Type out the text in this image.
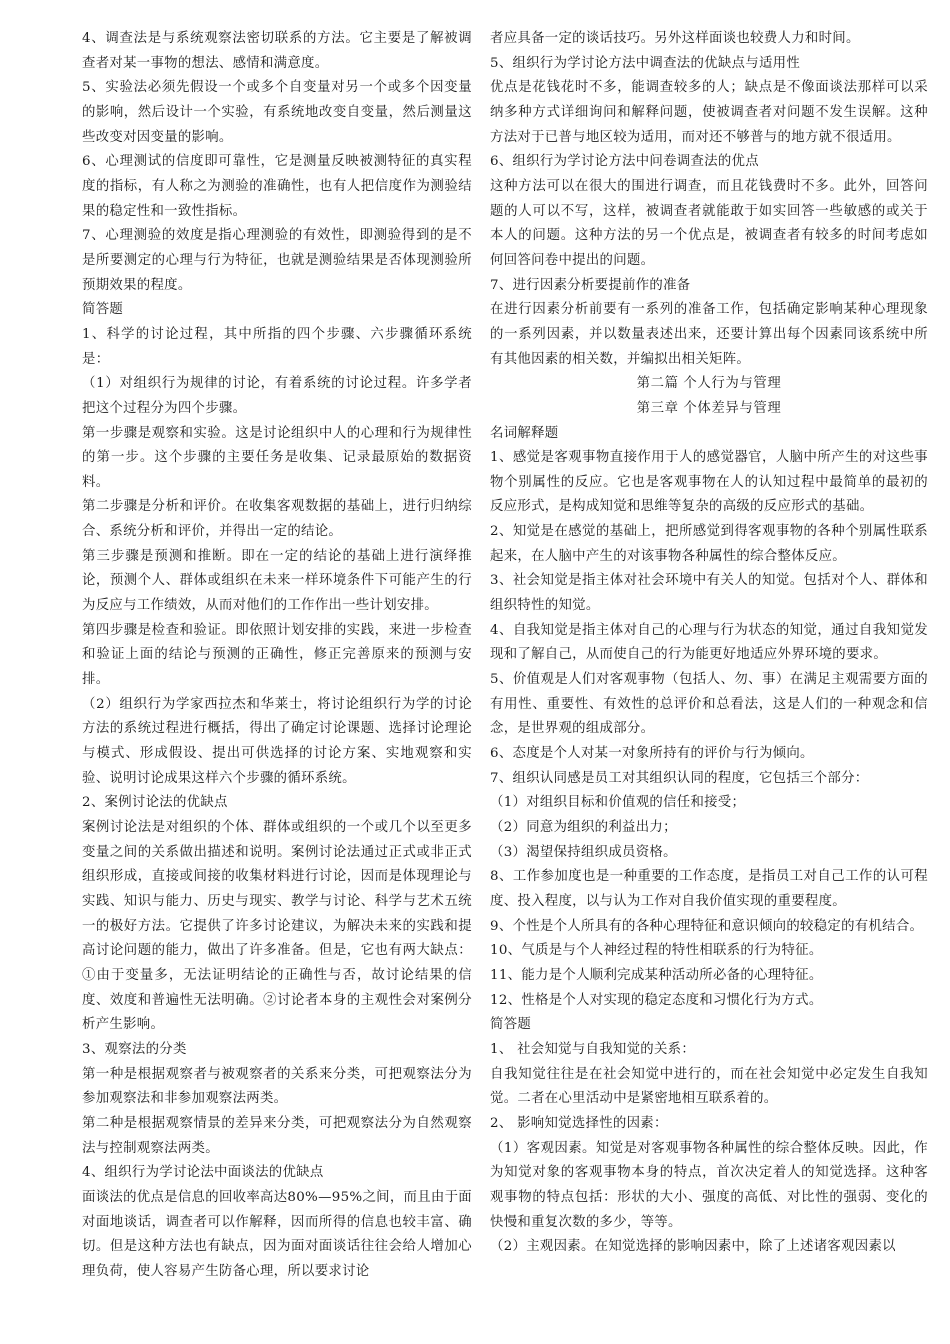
4、调查法是与系统观察法密切联系的方法。它主要是了解被调查者对某一事物的想法、感情和满意度。

5、实验法必须先假设一个或多个自变量对另一个或多个因变量的影响，然后设计一个实验，有系统地改变自变量，然后测量这些改变对因变量的影响。

6、心理测试的信度即可靠性，它是测量反映被测特征的真实程度的指标，有人称之为测验的准确性，也有人把信度作为测验结果的稳定性和一致性指标。

7、心理测验的效度是指心理测验的有效性，即测验得到的是不是所要测定的心理与行为特征，也就是测验结果是否体现测验所预期效果的程度。

简答题

1、科学的讨论过程，其中所指的四个步骤、六步骤循环系统是：

（1）对组织行为规律的讨论，有着系统的讨论过程。许多学者把这个过程分为四个步骤。

第一步骤是观察和实验。这是讨论组织中人的心理和行为规律性的第一步。这个步骤的主要任务是收集、记录最原始的数据资料。

第二步骤是分析和评价。在收集客观数据的基础上，进行归纳综合、系统分析和评价，并得出一定的结论。

第三步骤是预测和推断。即在一定的结论的基础上进行演绎推论，预测个人、群体或组织在未来一样环境条件下可能产生的行为反应与工作绩效，从而对他们的工作作出一些计划安排。

第四步骤是检查和验证。即依照计划安排的实践，来进一步检查和验证上面的结论与预测的正确性，修正完善原来的预测与安排。

（2）组织行为学家西拉杰和华莱士，将讨论组织行为学的讨论方法的系统过程进行概括，得出了确定讨论课题、选择讨论理论与模式、形成假设、提出可供选择的讨论方案、实地观察和实验、说明讨论成果这样六个步骤的循环系统。

2、案例讨论法的优缺点

案例讨论法是对组织的个体、群体或组织的一个或几个以至更多变量之间的关系做出描述和说明。案例讨论法通过正式或非正式组织形成，直接或间接的收集材料进行讨论，因而是体现理论与实践、知识与能力、历史与现实、教学与讨论、科学与艺术五统一的极好方法。它提供了许多讨论建议，为解决未来的实践和提高讨论问题的能力，做出了许多准备。但是，它也有两大缺点：①由于变量多，无法证明结论的正确性与否，故讨论结果的信度、效度和普遍性无法明确。②讨论者本身的主观性会对案例分析产生影响。

3、观察法的分类

第一种是根据观察者与被观察者的关系来分类，可把观察法分为参加观察法和非参加观察法两类。

第二种是根据观察情景的差异来分类，可把观察法分为自然观察法与控制观察法两类。

4、组织行为学讨论法中面谈法的优缺点

面谈法的优点是信息的回收率高达80%—95%之间，而且由于面对面地谈话，调查者可以作解释，因而所得的信息也较丰富、确切。但是这种方法也有缺点，因为面对面谈话往往会给人增加心理负荷，使人容易产生防备心理，所以要求讨论

者应具备一定的谈话技巧。另外这样面谈也较费人力和时间。

5、组织行为学讨论方法中调查法的优缺点与适用性

优点是花钱花时不多，能调查较多的人；缺点是不像面谈法那样可以采纳多种方式详细询问和解释问题，使被调查者对问题不发生误解。这种方法对于已普与地区较为适用，而对还不够普与的地方就不很适用。

6、组织行为学讨论方法中问卷调查法的优点

这种方法可以在很大的围进行调查，而且花钱费时不多。此外，回答问题的人可以不写，这样，被调查者就能敢于如实回答一些敏感的或关于本人的问题。这种方法的另一个优点是，被调查者有较多的时间考虑如何回答问卷中提出的问题。

7、进行因素分析要提前作的准备

在进行因素分析前要有一系列的准备工作，包括确定影响某种心理现象的一系列因素，并以数量表述出来，还要计算出每个因素同该系统中所有其他因素的相关数，并编拟出相关矩阵。

第二篇 个人行为与管理

第三章 个体差异与管理

名词解释题

1、感觉是客观事物直接作用于人的感觉器官，人脑中所产生的对这些事物个别属性的反应。它也是客观事物在人的认知过程中最简单的最初的反应形式，是构成知觉和思维等复杂的高级的反应形式的基础。

2、知觉是在感觉的基础上，把所感觉到得客观事物的各种个别属性联系起来，在人脑中产生的对该事物各种属性的综合整体反应。

3、社会知觉是指主体对社会环境中有关人的知觉。包括对个人、群体和组织特性的知觉。

4、自我知觉是指主体对自己的心理与行为状态的知觉，通过自我知觉发现和了解自己，从而使自己的行为能更好地适应外界环境的要求。

5、价值观是人们对客观事物（包括人、勿、事）在满足主观需要方面的有用性、重要性、有效性的总评价和总看法，这是人们的一种观念和信念，是世界观的组成部分。

6、态度是个人对某一对象所持有的评价与行为倾向。

7、组织认同感是员工对其组织认同的程度，它包括三个部分：

（1）对组织目标和价值观的信任和接受；

（2）同意为组织的利益出力；

（3）渴望保持组织成员资格。

8、工作参加度也是一种重要的工作态度，是指员工对自己工作的认可程度、投入程度，以与认为工作对自我价值实现的重要程度。

9、个性是个人所具有的各种心理特征和意识倾向的较稳定的有机结合。

10、气质是与个人神经过程的特性相联系的行为特征。

11、能力是个人顺利完成某种活动所必备的心理特征。

12、性格是个人对实现的稳定态度和习惯化行为方式。

简答题

1、 社会知觉与自我知觉的关系：

自我知觉往往是在社会知觉中进行的，而在社会知觉中必定发生自我知觉。二者在心里活动中是紧密地相互联系着的。

2、 影响知觉选择性的因素：

（1）客观因素。知觉是对客观事物各种属性的综合整体反映。因此，作为知觉对象的客观事物本身的特点，首次决定着人的知觉选择。这种客观事物的特点包括：形状的大小、强度的高低、对比性的强弱、变化的快慢和重复次数的多少，等等。

（2）主观因素。在知觉选择的影响因素中，除了上述诸客观因素以
